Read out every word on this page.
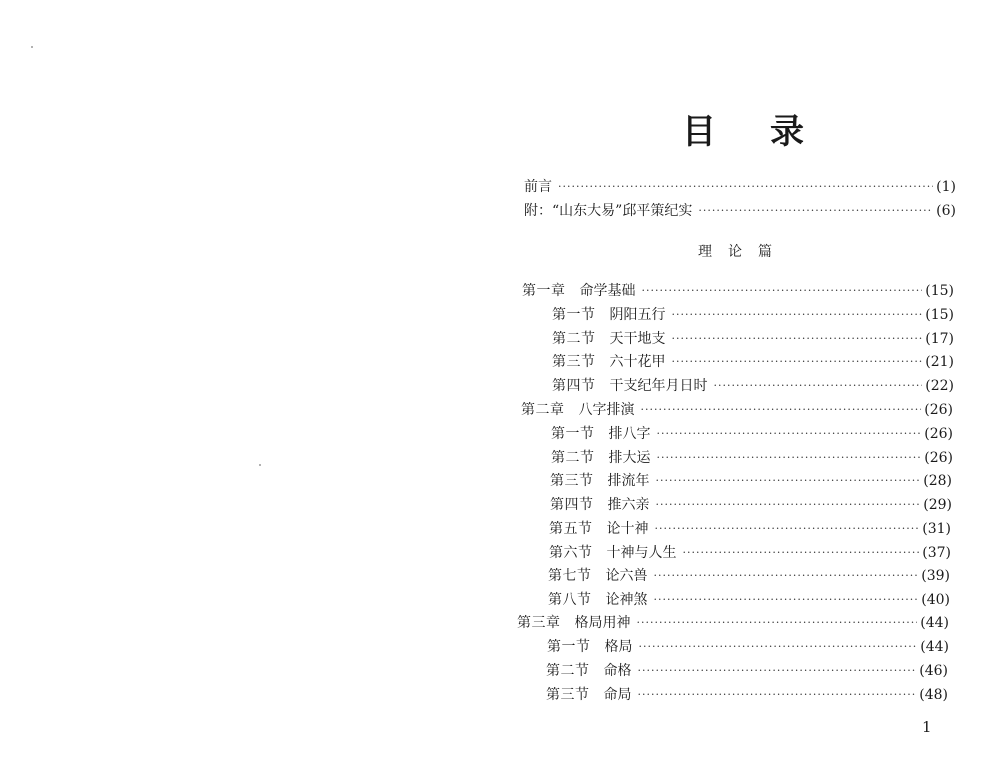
目 录
前言 ·····	(1)
附：“山东大易”邱平策纪实 ·····	(6)
理论篇
第一章 命学基础 ·····	(15)
第一节 阴阳五行 ·····	(15)
第二节 天干地支 ·····	(17)
第三节 六十花甲 ·····	(21)
第四节 干支纪年月日时 ·····	(22)
第二章 八字排演 ·····	(26)
第一节 排八字 ·····	(26)
第二节 排大运 ·····	(26)
第三节 排流年 ·····	(28)
第四节 推六亲 ·····	(29)
第五节 论十神 ·····	(31)
第六节 十神与人生 ·····	(37)
第七节 论六兽 ·····	(39)
第八节 论神煞 ·····	(40)
第三章 格局用神 ·····	(44)
第一节 格局 ·····	(44)
第二节 命格 ·····	(46)
第三节 命局 ·····	(48)
1
